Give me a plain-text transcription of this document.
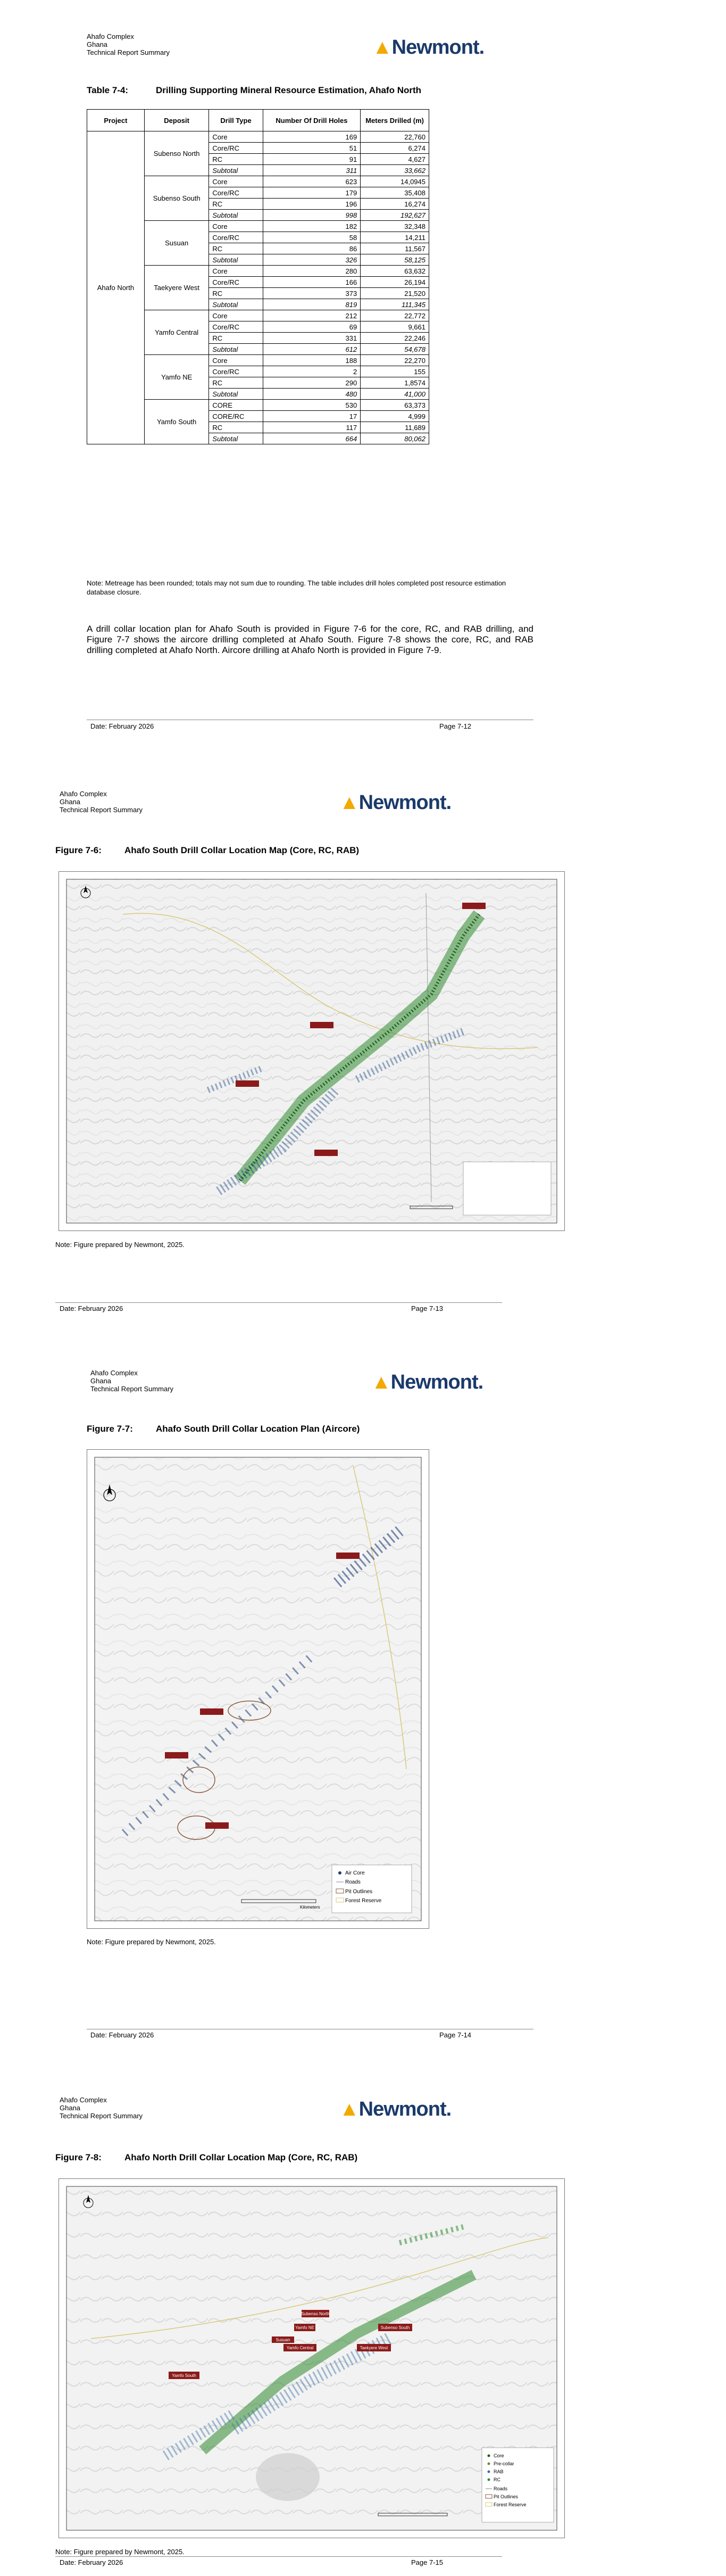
Ahafo Complex
Ghana
Technical Report Summary	▲Newmont.
Table 7-4:	Drilling Supporting Mineral Resource Estimation, Ahafo North
Project	Deposit	Drill Type	Number Of Drill Holes	Meters Drilled (m)
Ahafo North	Subenso North	Core	169	22,760
		Core/RC	51	6,274
		RC	91	4,627
		Subtotal	311	33,662
	Subenso South	Core	623	14,0945
		Core/RC	179	35,408
		RC	196	16,274
		Subtotal	998	192,627
	Susuan	Core	182	32,348
		Core/RC	58	14,211
		RC	86	11,567
		Subtotal	326	58,125
	Taekyere West	Core	280	63,632
		Core/RC	166	26,194
		RC	373	21,520
		Subtotal	819	111,345
	Yamfo Central	Core	212	22,772
		Core/RC	69	9,661
		RC	331	22,246
		Subtotal	612	54,678
	Yamfo NE	Core	188	22,270
		Core/RC	2	155
		RC	290	1,8574
		Subtotal	480	41,000
	Yamfo South	CORE	530	63,373
		CORE/RC	17	4,999
		RC	117	11,689
		Subtotal	664	80,062
Note: Metreage has been rounded; totals may not sum due to rounding. The table includes drill holes completed post resource estimation database closure.
A drill collar location plan for Ahafo South is provided in Figure 7-6 for the core, RC, and RAB drilling, and Figure 7-7 shows the aircore drilling completed at Ahafo South. Figure 7-8 shows the core, RC, and RAB drilling completed at Ahafo North. Aircore drilling at Ahafo North is provided in Figure 7-9.
Date: February 2026	Page 7-12
Ahafo Complex
Ghana
Technical Report Summary	▲Newmont.
Figure 7-6:	Ahafo South Drill Collar Location Map (Core, RC, RAB)
Note: Figure prepared by Newmont, 2025.
Date: February 2026	Page 7-13
Ahafo Complex
Ghana
Technical Report Summary	▲Newmont.
Figure 7-7:	Ahafo South Drill Collar Location Plan (Aircore)
Air Core
Roads
Pit Outlines
Forest Reserve
Kilometers
Note: Figure prepared by Newmont, 2025.
Date: February 2026	Page 7-14
Ahafo Complex
Ghana
Technical Report Summary	▲Newmont.
Figure 7-8:	Ahafo North Drill Collar Location Map (Core, RC, RAB)
Subenso North
Subenso South
Yamfo NE
Taekyere West
Yamfo Central
Yamfo South
Susuan
Core
Pre-collar
RAB
RC
Roads
Pit Outlines
Forest Reserve
Note: Figure prepared by Newmont, 2025.
Date: February 2026	Page 7-15
